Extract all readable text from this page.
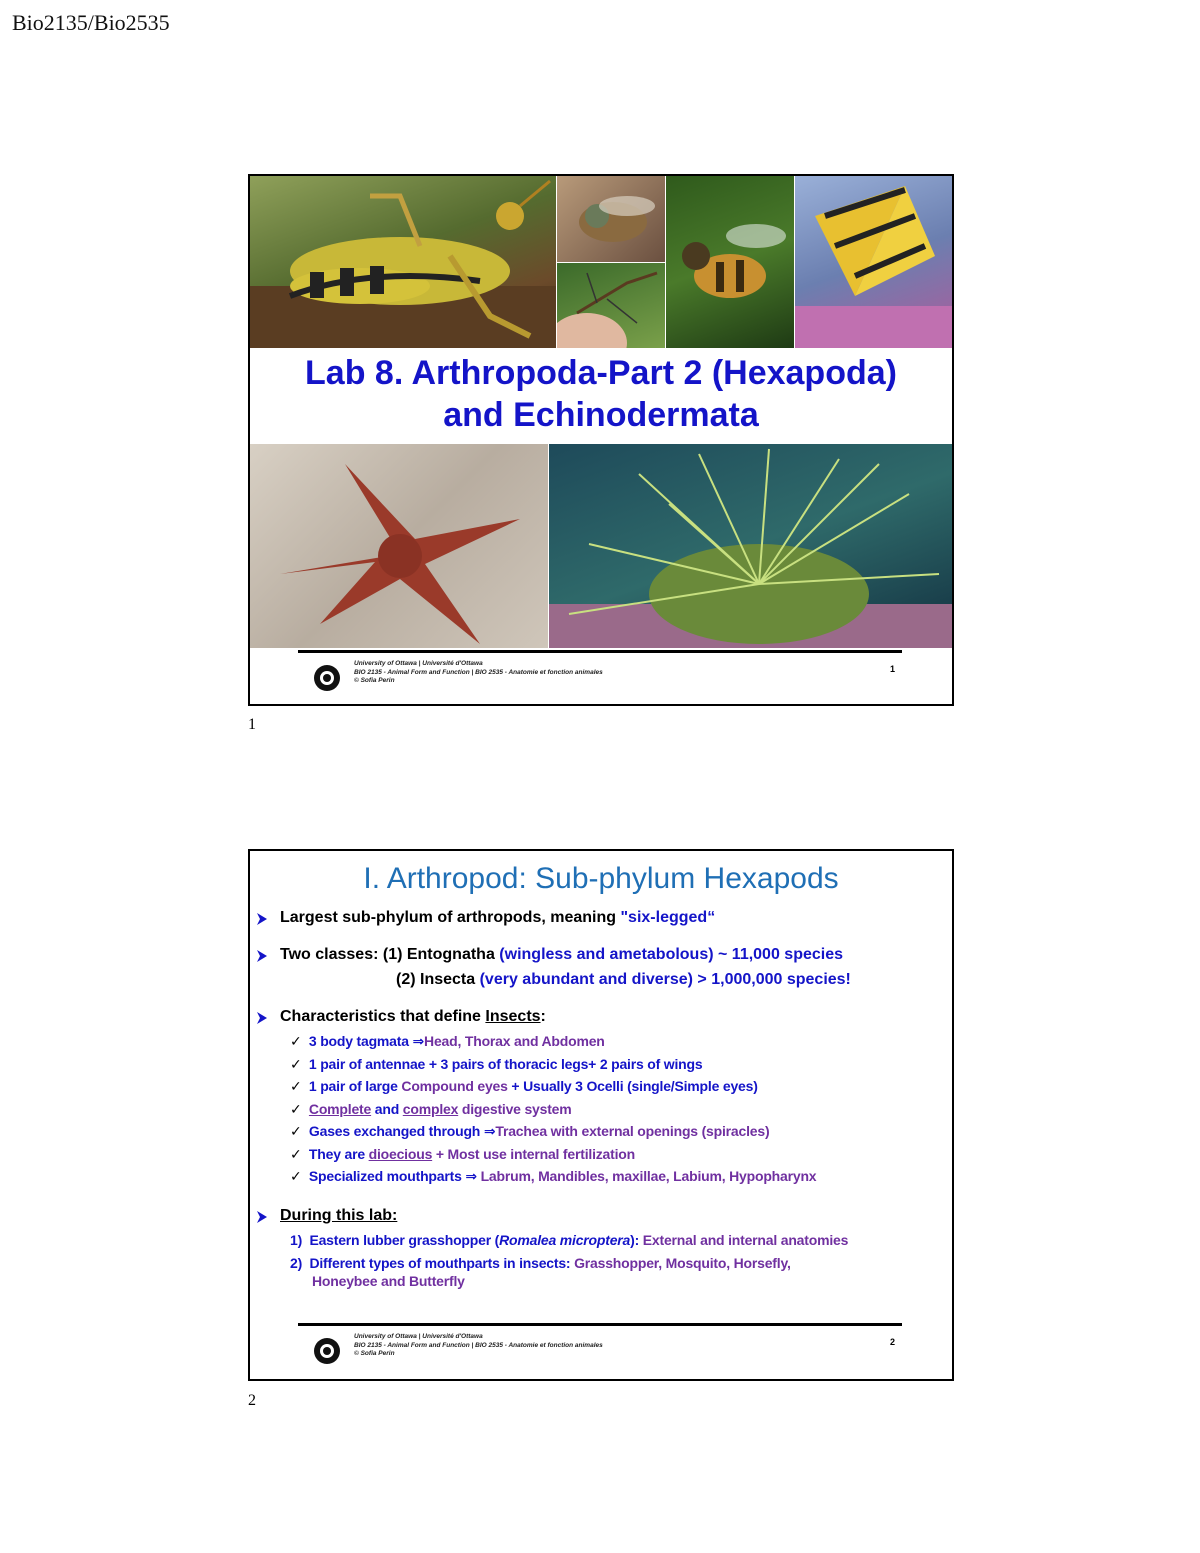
Bio2135/Bio2535
Lab 8. Arthropoda-Part 2 (Hexapoda)
and Echinodermata
University of Ottawa | Université d'Ottawa
BIO 2135 - Animal Form and Function | BIO 2535 - Anatomie et fonction animales
© Sofia Perin
1
1
I. Arthropod: Sub-phylum Hexapods
Largest sub-phylum of arthropods, meaning "six-legged“
Two classes: (1) Entognatha (wingless and ametabolous) ~ 11,000 species
(2) Insecta (very abundant and diverse) > 1,000,000 species!
Characteristics that define Insects:
✓ 3 body tagmata ⇒Head, Thorax and Abdomen
✓ 1 pair of antennae + 3 pairs of thoracic legs+ 2 pairs of wings
✓ 1 pair of large Compound eyes + Usually 3 Ocelli (single/Simple eyes)
✓ Complete and complex digestive system
✓ Gases exchanged through ⇒Trachea with external openings (spiracles)
✓ They are dioecious + Most use internal fertilization
✓ Specialized mouthparts ⇒ Labrum, Mandibles, maxillae, Labium, Hypopharynx
During this lab:
1) Eastern lubber grasshopper (Romalea microptera): External and internal anatomies
2) Different types of mouthparts in insects: Grasshopper, Mosquito, Horsefly,
Honeybee and Butterfly
University of Ottawa | Université d'Ottawa
BIO 2135 - Animal Form and Function | BIO 2535 - Anatomie et fonction animales
© Sofia Perin
2
2
